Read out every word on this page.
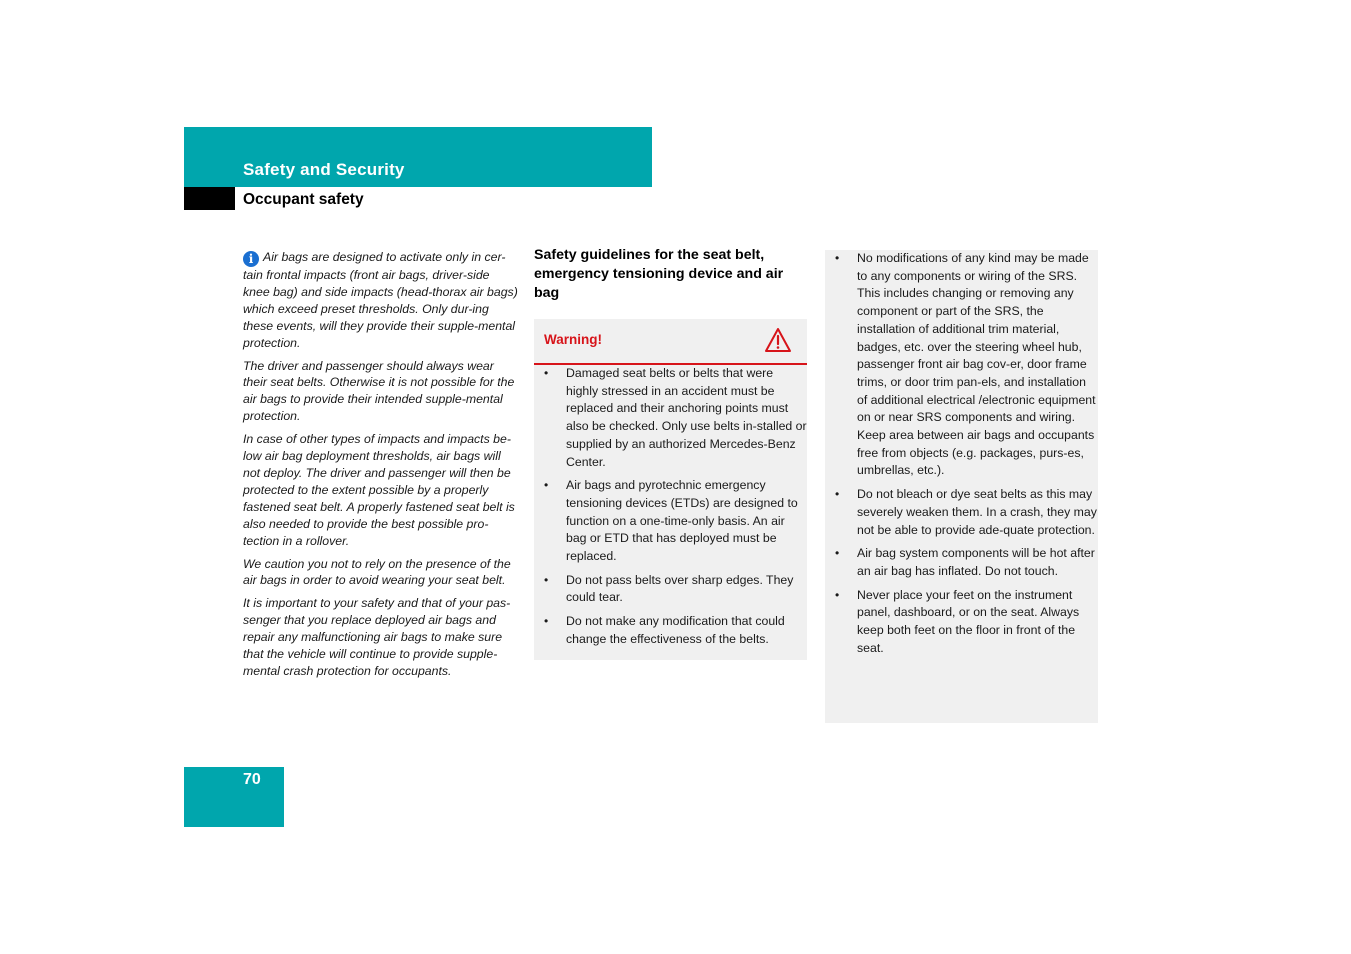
Safety and Security
Occupant safety

i Air bags are designed to activate only in cer-tain frontal impacts (front air bags, driver-side knee bag) and side impacts (head-thorax air bags) which exceed preset thresholds. Only dur-ing these events, will they provide their supple-mental protection.

The driver and passenger should always wear their seat belts. Otherwise it is not possible for the air bags to provide their intended supple-mental protection.

In case of other types of impacts and impacts be-low air bag deployment thresholds, air bags will not deploy. The driver and passenger will then be protected to the extent possible by a properly fastened seat belt. A properly fastened seat belt is also needed to provide the best possible pro-tection in a rollover.

We caution you not to rely on the presence of the air bags in order to avoid wearing your seat belt.

It is important to your safety and that of your pas-senger that you replace deployed air bags and repair any malfunctioning air bags to make sure that the vehicle will continue to provide supple-mental crash protection for occupants.

Safety guidelines for the seat belt, emergency tensioning device and air bag
Warning!
• Damaged seat belts or belts that were highly stressed in an accident must be replaced and their anchoring points must also be checked. Only use belts in-stalled or supplied by an authorized Mercedes-Benz Center.
• Air bags and pyrotechnic emergency tensioning devices (ETDs) are designed to function on a one-time-only basis. An air bag or ETD that has deployed must be replaced.
• Do not pass belts over sharp edges. They could tear.
• Do not make any modification that could change the effectiveness of the belts.
• No modifications of any kind may be made to any components or wiring of the SRS. This includes changing or removing any component or part of the SRS, the installation of additional trim material, badges, etc. over the steering wheel hub, passenger front air bag cov-er, door frame trims, or door trim pan-els, and installation of additional electrical /electronic equipment on or near SRS components and wiring. Keep area between air bags and occupants free from objects (e.g. packages, purs-es, umbrellas, etc.).
• Do not bleach or dye seat belts as this may severely weaken them. In a crash, they may not be able to provide ade-quate protection.
• Air bag system components will be hot after an air bag has inflated. Do not touch.
• Never place your feet on the instrument panel, dashboard, or on the seat. Always keep both feet on the floor in front of the seat.
70
